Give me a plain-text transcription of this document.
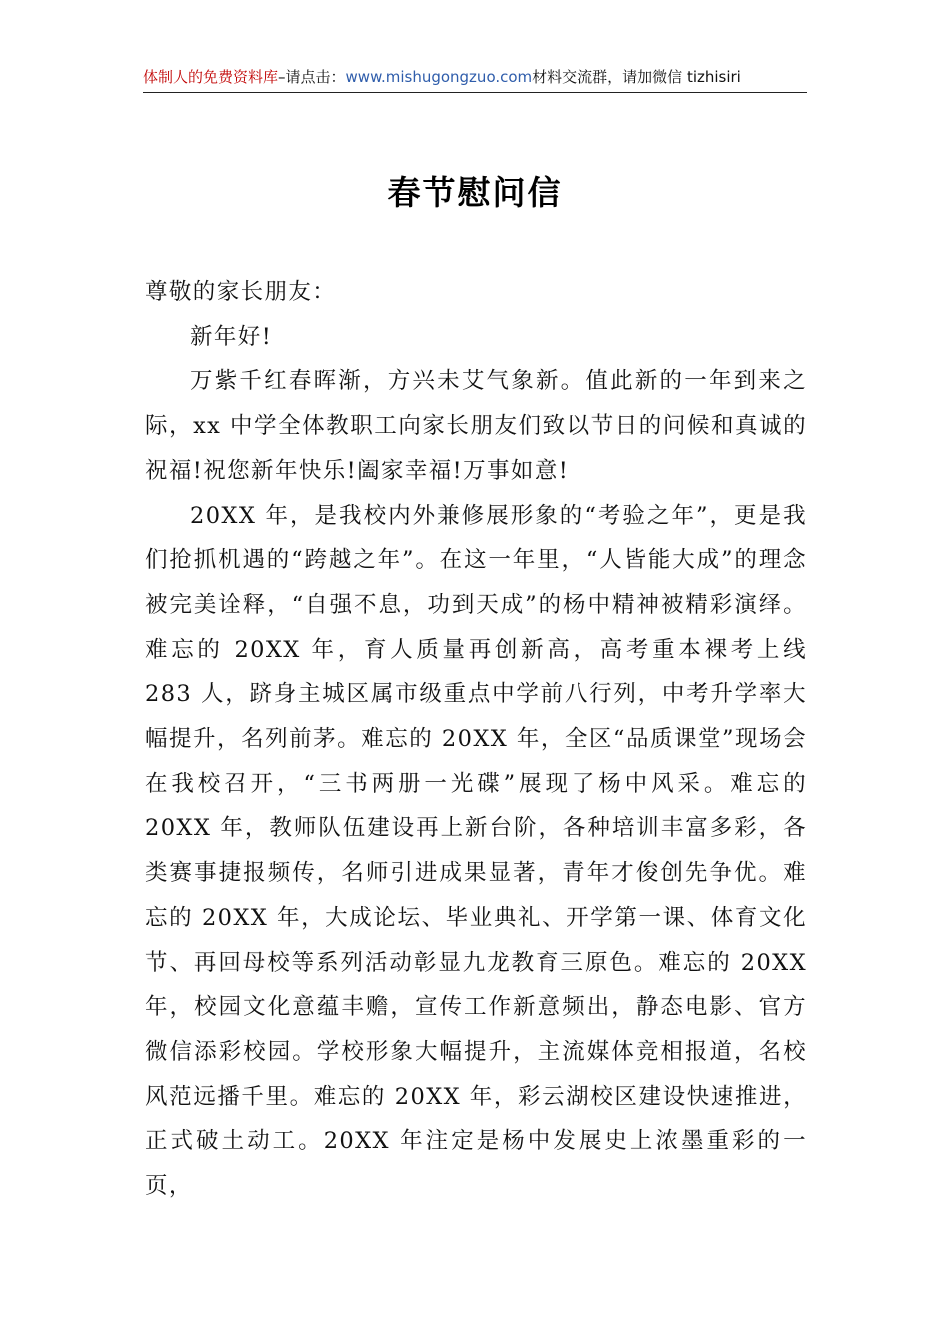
体制人的免费资料库–请点击：www.mishugongzuo.com材料交流群，请加微信 tizhisiri
春节慰问信

尊敬的家长朋友：

新年好!

万紫千红春晖渐，方兴未艾气象新。值此新的一年到来之际，xx 中学全体教职工向家长朋友们致以节日的问候和真诚的祝福!祝您新年快乐!阖家幸福!万事如意!

20XX 年，是我校内外兼修展形象的“考验之年”，更是我们抢抓机遇的“跨越之年”。在这一年里，“人皆能大成”的理念被完美诠释，“自强不息，功到天成”的杨中精神被精彩演绎。难忘的 20XX 年，育人质量再创新高，高考重本裸考上线 283 人，跻身主城区属市级重点中学前八行列，中考升学率大幅提升，名列前茅。难忘的 20XX 年，全区“品质课堂”现场会在我校召开，“三书两册一光碟”展现了杨中风采。难忘的 20XX 年，教师队伍建设再上新台阶，各种培训丰富多彩，各类赛事捷报频传，名师引进成果显著，青年才俊创先争优。难忘的 20XX 年，大成论坛、毕业典礼、开学第一课、体育文化节、再回母校等系列活动彰显九龙教育三原色。难忘的 20XX 年，校园文化意蕴丰赡，宣传工作新意频出，静态电影、官方微信添彩校园。学校形象大幅提升，主流媒体竞相报道，名校风范远播千里。难忘的 20XX 年，彩云湖校区建设快速推进，正式破土动工。20XX 年注定是杨中发展史上浓墨重彩的一页，
